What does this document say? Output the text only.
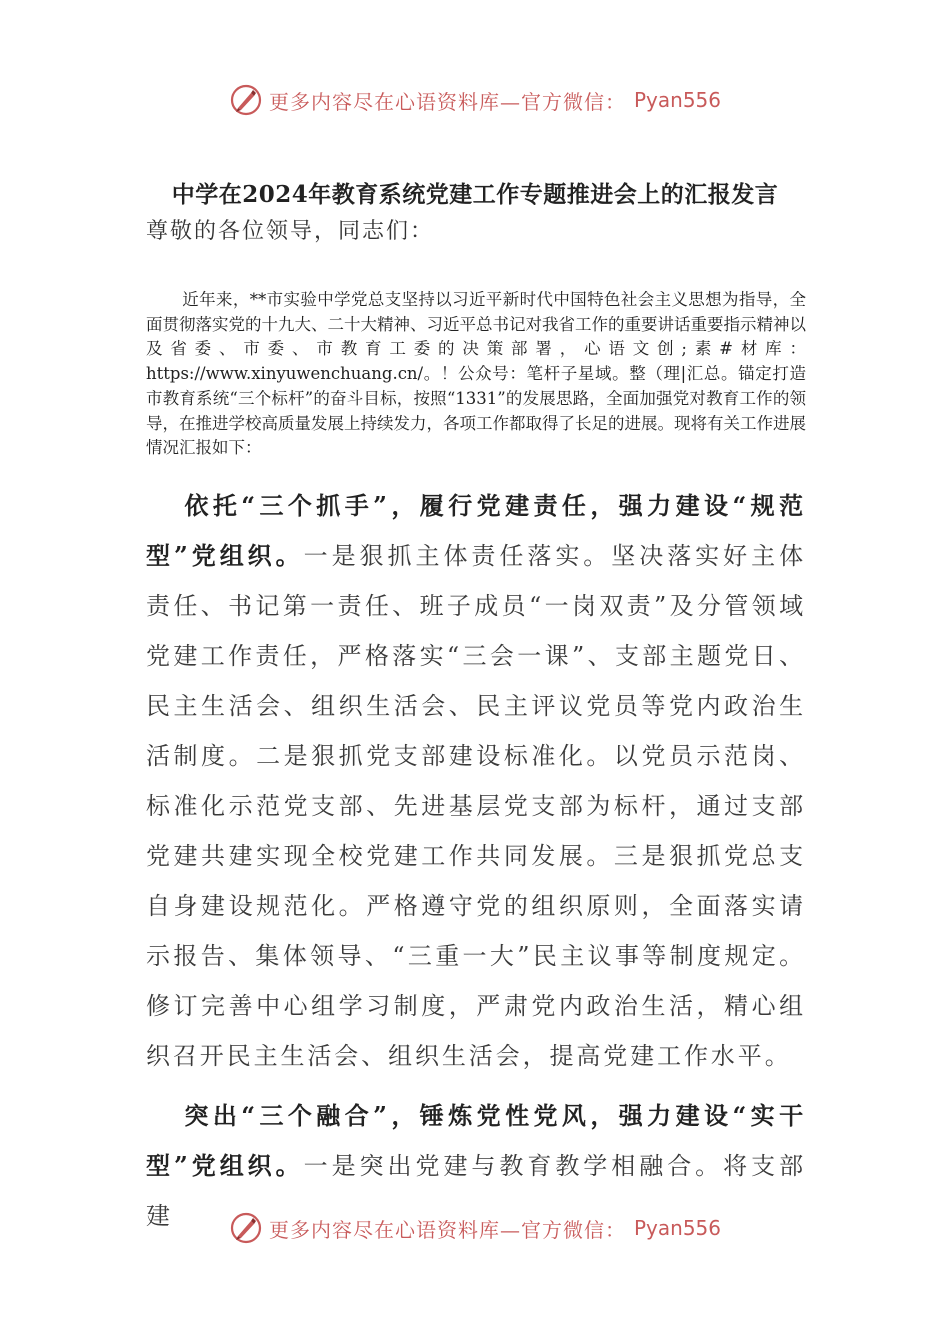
更多内容尽在心语资料库—官方微信： Pyan556
中学在2024年教育系统党建工作专题推进会上的汇报发言
尊敬的各位领导，同志们：

近年来，**市实验中学党总支坚持以习近平新时代中国特色社会主义思想为指导，全面贯彻落实党的十九大、二十大精神、习近平总书记对我省工作的重要讲话重要指示精神以及省委、市委、市教育工委的决策部署，心语文创;素#材库：https://www.xinyuwenchuang.cn/。！公众号：笔杆子星域。整（理|汇总。锚定打造市教育系统“三个标杆”的奋斗目标，按照“1331”的发展思路，全面加强党对教育工作的领导，在推进学校高质量发展上持续发力，各项工作都取得了长足的进展。现将有关工作进展情况汇报如下：

依托“三个抓手”，履行党建责任，强力建设“规范型”党组织。一是狠抓主体责任落实。坚决落实好主体责任、书记第一责任、班子成员“一岗双责”及分管领域党建工作责任，严格落实“三会一课”、支部主题党日、民主生活会、组织生活会、民主评议党员等党内政治生活制度。二是狠抓党支部建设标准化。以党员示范岗、标准化示范党支部、先进基层党支部为标杆，通过支部党建共建实现全校党建工作共同发展。三是狠抓党总支自身建设规范化。严格遵守党的组织原则，全面落实请示报告、集体领导、“三重一大”民主议事等制度规定。修订完善中心组学习制度，严肃党内政治生活，精心组织召开民主生活会、组织生活会，提高党建工作水平。

突出“三个融合”，锤炼党性党风，强力建设“实干型”党组织。一是突出党建与教育教学相融合。将支部建	更多内容尽在心语资料库—官方微信： Pyan556
